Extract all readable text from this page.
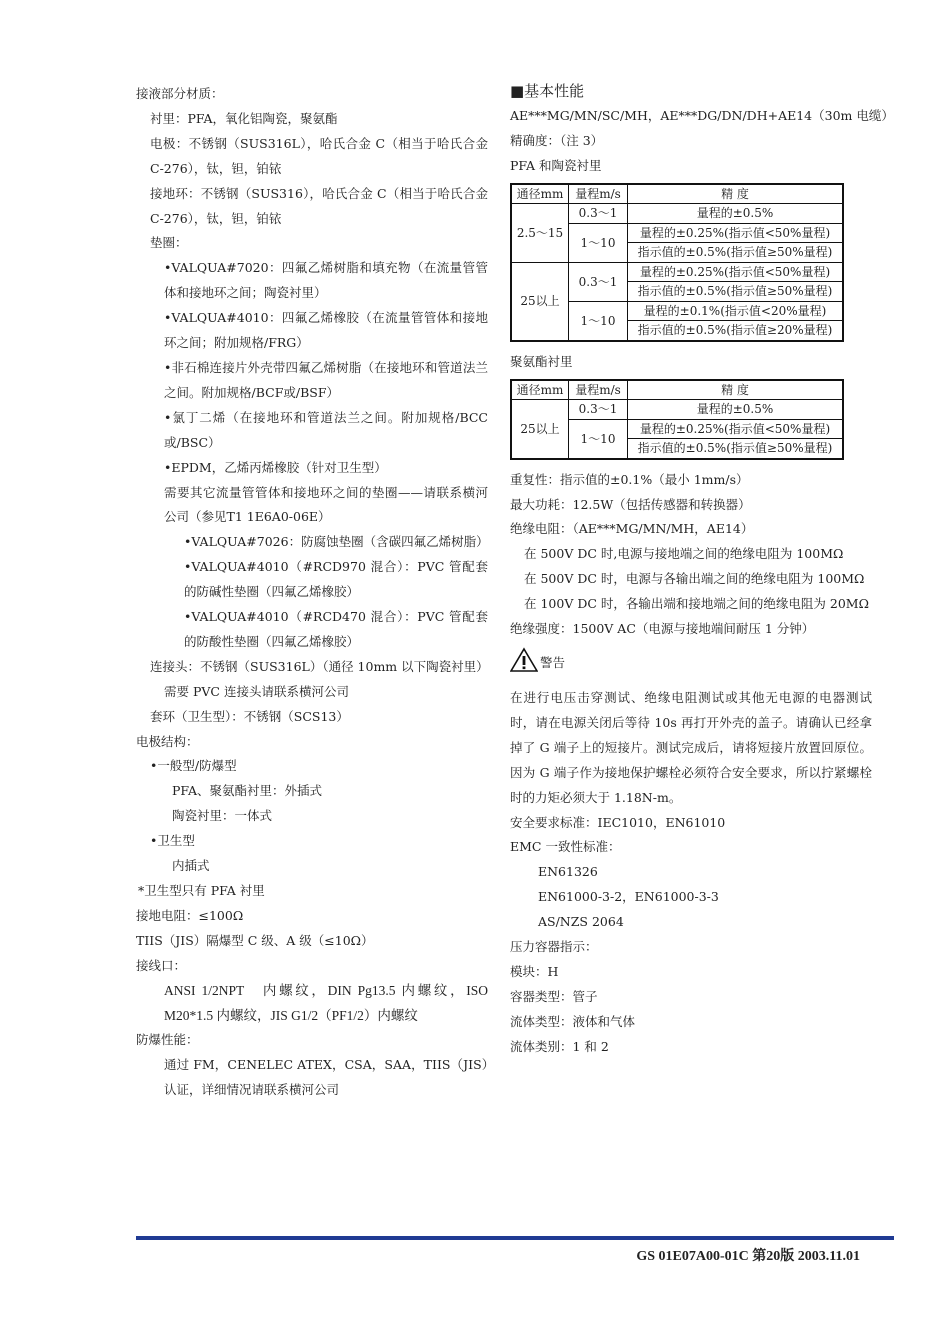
接液部分材质：
衬里：PFA，氧化铝陶瓷，聚氨酯
电极：不锈钢（SUS316L），哈氏合金 C（相当于哈氏合金 C-276），钛，钽，铂铱
接地环：不锈钢（SUS316），哈氏合金 C（相当于哈氏合金 C-276），钛，钽，铂铱
垫圈：
•VALQUA#7020：四氟乙烯树脂和填充物（在流量管管体和接地环之间；陶瓷衬里）
•VALQUA#4010：四氟乙烯橡胶（在流量管管体和接地环之间；附加规格/FRG）
•非石棉连接片外壳带四氟乙烯树脂（在接地环和管道法兰之间。附加规格/BCF或/BSF）
•氯丁二烯（在接地环和管道法兰之间。附加规格/BCC或/BSC）
•EPDM，乙烯丙烯橡胶（针对卫生型）
需要其它流量管管体和接地环之间的垫圈——请联系横河公司（参见T1 1E6A0-06E）
•VALQUA#7026：防腐蚀垫圈（含碳四氟乙烯树脂）
•VALQUA#4010（#RCD970 混合）：PVC 管配套的防碱性垫圈（四氟乙烯橡胶）
•VALQUA#4010（#RCD470 混合）：PVC 管配套的防酸性垫圈（四氟乙烯橡胶）
连接头：不锈钢（SUS316L）（通径 10mm 以下陶瓷衬里）
需要 PVC 连接头请联系横河公司
套环（卫生型）：不锈钢（SCS13）
电极结构：
•一般型/防爆型
PFA、聚氨酯衬里：外插式
陶瓷衬里：一体式
•卫生型
内插式
*卫生型只有 PFA 衬里
接地电阻：≤100Ω
TIIS（JIS）隔爆型 C 级、A 级（≤10Ω）
接线口：
ANSI 1/2NPT　内螺纹，DIN Pg13.5 内螺纹，ISO M20*1.5 内螺纹，JIS G1/2（PF1/2）内螺纹
防爆性能：
通过 FM，CENELEC ATEX，CSA，SAA，TIIS（JIS）认证，详细情况请联系横河公司
■基本性能
AE***MG/MN/SC/MH，AE***DG/DN/DH+AE14（30m 电缆）
精确度：（注 3）
PFA 和陶瓷衬里
通径mm	量程m/s	精 度
2.5～15	0.3～1	量程的±0.5%
	1～10	量程的±0.25%(指示值<50%量程)
		指示值的±0.5%(指示值≥50%量程)
25以上	0.3～1	量程的±0.25%(指示值<50%量程)
		指示值的±0.5%(指示值≥50%量程)
	1～10	量程的±0.1%(指示值<20%量程)
		指示值的±0.5%(指示值≥20%量程)
聚氨酯衬里
通径mm	量程m/s	精 度
25以上	0.3～1	量程的±0.5%
	1～10	量程的±0.25%(指示值<50%量程)
		指示值的±0.5%(指示值≥50%量程)
重复性：指示值的±0.1%（最小 1mm/s）
最大功耗：12.5W（包括传感器和转换器）
绝缘电阻：（AE***MG/MN/MH，AE14）
在 500V DC 时,电源与接地端之间的绝缘电阻为 100MΩ
在 500V DC 时，电源与各输出端之间的绝缘电阻为 100MΩ
在 100V DC 时，各输出端和接地端之间的绝缘电阻为 20MΩ
绝缘强度：1500V AC（电源与接地端间耐压 1 分钟）
警告
在进行电压击穿测试、绝缘电阻测试或其他无电源的电器测试时，请在电源关闭后等待 10s 再打开外壳的盖子。请确认已经拿掉了 G 端子上的短接片。测试完成后，请将短接片放置回原位。因为 G 端子作为接地保护螺栓必须符合安全要求，所以拧紧螺栓时的力矩必须大于 1.18N-m。
安全要求标准：IEC1010，EN61010
EMC 一致性标准：
EN61326
EN61000-3-2，EN61000-3-3
AS/NZS 2064
压力容器指示：
模块：H
容器类型：管子
流体类型：液体和气体
流体类别：1 和 2
GS 01E07A00-01C 第20版 2003.11.01
